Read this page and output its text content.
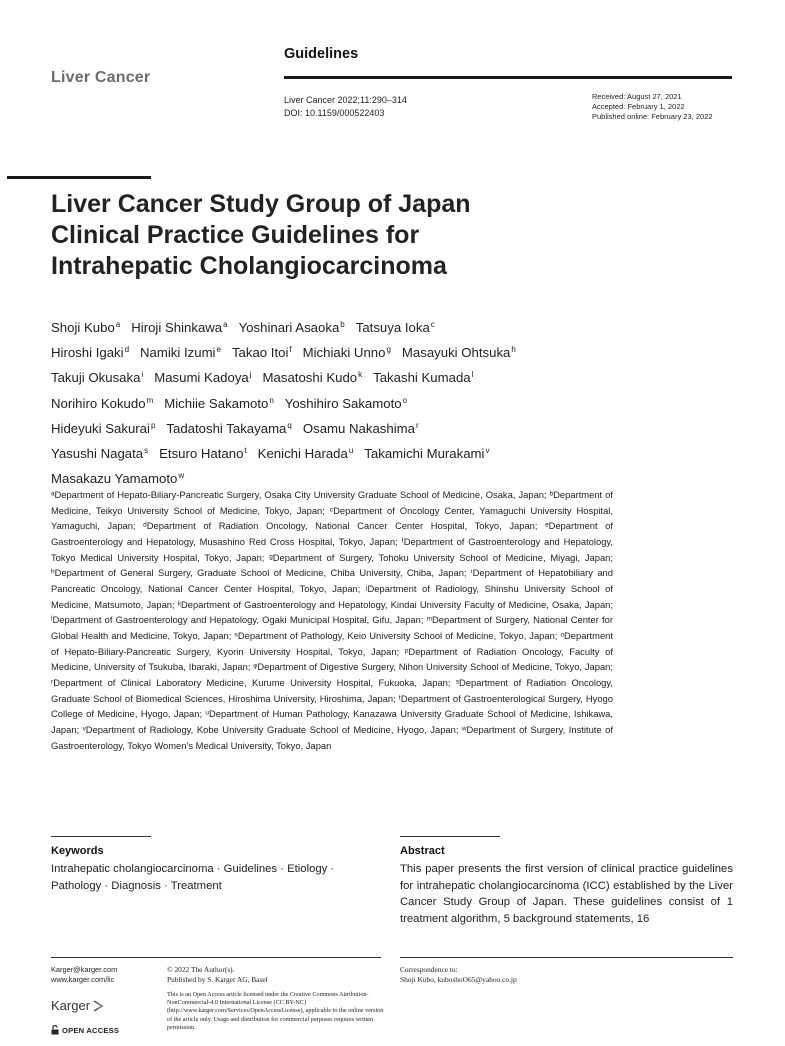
Liver Cancer
Guidelines
Liver Cancer 2022;11:290–314
DOI: 10.1159/000522403
Received: August 27, 2021
Accepted: February 1, 2022
Published online: February 23, 2022
Liver Cancer Study Group of Japan
Clinical Practice Guidelines for
Intrahepatic Cholangiocarcinoma
Shoji Kubo$^a$ Hiroji Shinkawa$^a$ Yoshinari Asaoka$^b$ Tatsuya Ioka$^c$
Hiroshi Igaki$^d$ Namiki Izumi$^e$ Takao Itoi$^f$ Michiaki Unno$^g$ Masayuki Ohtsuka$^h$
Takuji Okusaka$^i$ Masumi Kadoya$^j$ Masatoshi Kudo$^k$ Takashi Kumada$^l$
Norihiro Kokudo$^m$ Michiie Sakamoto$^n$ Yoshihiro Sakamoto$^o$
Hideyuki Sakurai$^p$ Tadatoshi Takayama$^q$ Osamu Nakashima$^r$
Yasushi Nagata$^s$ Etsuro Hatano$^t$ Kenichi Harada$^u$ Takamichi Murakami$^v$
Masakazu Yamamoto$^w$
ᵃDepartment of Hepato-Biliary-Pancreatic Surgery, Osaka City University Graduate School of Medicine, Osaka, Japan; ᵇDepartment of Medicine, Teikyo University School of Medicine, Tokyo, Japan; ᶜDepartment of Oncology Center, Yamaguchi University Hospital, Yamaguchi, Japan; ᵈDepartment of Radiation Oncology, National Cancer Center Hospital, Tokyo, Japan; ᵉDepartment of Gastroenterology and Hepatology, Musashino Red Cross Hospital, Tokyo, Japan; ᶠDepartment of Gastroenterology and Hepatology, Tokyo Medical University Hospital, Tokyo, Japan; ᵍDepartment of Surgery, Tohoku University School of Medicine, Miyagi, Japan; ʰDepartment of General Surgery, Graduate School of Medicine, Chiba University, Chiba, Japan; ⁱDepartment of Hepatobiliary and Pancreatic Oncology, National Cancer Center Hospital, Tokyo, Japan; ʲDepartment of Radiology, Shinshu University School of Medicine, Matsumoto, Japan; ᵏDepartment of Gastroenterology and Hepatology, Kindai University Faculty of Medicine, Osaka, Japan; ˡDepartment of Gastroenterology and Hepatology, Ogaki Municipal Hospital, Gifu, Japan; ᵐDepartment of Surgery, National Center for Global Health and Medicine, Tokyo, Japan; ⁿDepartment of Pathology, Keio University School of Medicine, Tokyo, Japan; ᵒDepartment of Hepato-Biliary-Pancreatic Surgery, Kyorin University Hospital, Tokyo, Japan; ᵖDepartment of Radiation Oncology, Faculty of Medicine, University of Tsukuba, Ibaraki, Japan; ᵠDepartment of Digestive Surgery, Nihon University School of Medicine, Tokyo, Japan; ʳDepartment of Clinical Laboratory Medicine, Kurume University Hospital, Fukuoka, Japan; ˢDepartment of Radiation Oncology, Graduate School of Biomedical Sciences, Hiroshima University, Hiroshima, Japan; ᵗDepartment of Gastroenterological Surgery, Hyogo College of Medicine, Hyogo, Japan; ᵘDepartment of Human Pathology, Kanazawa University Graduate School of Medicine, Ishikawa, Japan; ᵛDepartment of Radiology, Kobe University Graduate School of Medicine, Hyogo, Japan; ʷDepartment of Surgery, Institute of Gastroenterology, Tokyo Women’s Medical University, Tokyo, Japan
Keywords
Intrahepatic cholangiocarcinoma · Guidelines · Etiology · Pathology · Diagnosis · Treatment
Abstract
This paper presents the first version of clinical practice guidelines for intrahepatic cholangiocarcinoma (ICC) established by the Liver Cancer Study Group of Japan. These guidelines consist of 1 treatment algorithm, 5 background statements, 16
Karger@karger.com
www.karger.com/lic
© 2022 The Author(s).
Published by S. Karger AG, Basel
This is an Open Access article licensed under the Creative Commons Attribution-NonCommercial-4.0 International License (CC BY-NC) (http://www.karger.com/Services/OpenAccessLicense), applicable to the online version of the article only. Usage and distribution for commercial purposes requires written permission.
Correspondence to:
Shoji Kubo, kuboshoO65@yahoo.co.jp
Karger
OPEN ACCESS
